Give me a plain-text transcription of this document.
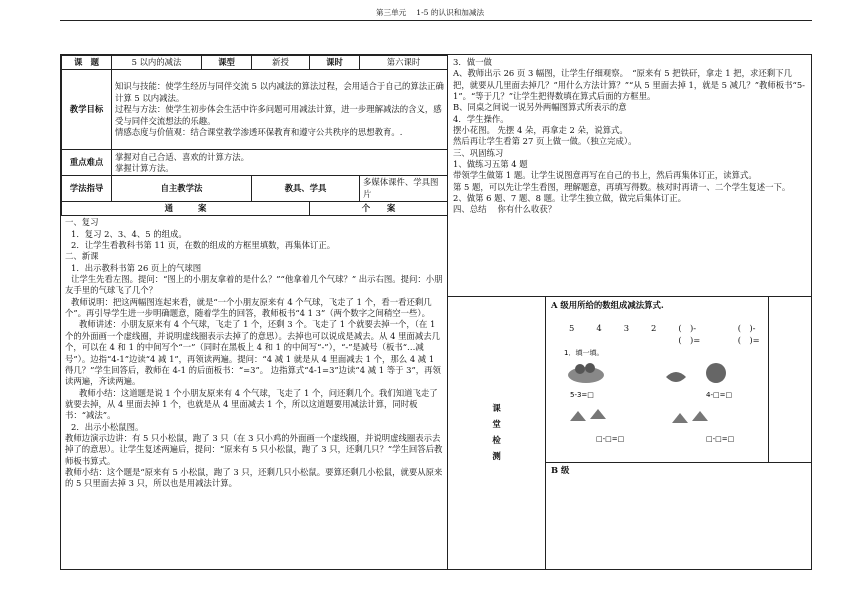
第三单元　 1-5 的认识和加减法
课　题	5 以内的减法	课型	新授	课时	第六课时
教学目标	知识与技能：使学生经历与同伴交流 5 以内减法的算法过程，会用适合于自己的算法正确计算 5 以内减法。

过程与方法：使学生初步体会生活中许多问题可用减法计算，进一步理解减法的含义，感受与同伴交流想法的乐趣。

情感态度与价值观：结合课堂教学渗透环保教育和遵守公共秩序的思想教育。.				

重点难点	掌握对自己合适、喜欢的计算方法。

掌握计算方法。				

学法指导	自主教学法		教具、学具		多媒体课件、学具图片
通　　　案				个　　案	

一、复习

1．复习 2、3、4、5 的组成。

2．让学生看教科书第 11 页，在数的组成的方框里填数，再集体订正。

二、新课

1．出示教科书第 26 页上的气球图

让学生先看左图。提问：“图上的小朋友拿着的是什么？”“他拿着几个气球？” 出示右图。提问：小朋友手里的气球飞了几个？

教师说明：把这两幅图连起来看，就是“一个小朋友原来有 4 个气球，飞走了 1 个，看一看还剩几个”。再引导学生进一步明确题意，随着学生的回答，教师板书“4 1 3”（两个数字之间稍空一些）。

教师讲述：小朋友原来有 4 个气球，飞走了 1 个，还剩 3 个。飞走了 1 个就要去掉一个，（在 1 个的外面画一个虚线圈，并说明虚线圈表示去掉了的意思）。去掉也可以说成是减去。从 4 里面减去几个，可以在 4 和 1 的中间写个“一”（同时在黑板上 4 和 1 的中间写“-”），“-”是减号（板书“…减号”）。边指“4-1”边读“4 减 1”，再领读两遍。提问：“4 减 1 就是从 4 里面减去 1 个，那么 4 减 1 得几？”学生回答后，教师在 4-1 的后面板书：“=3”。 边指算式“4-1=3”边读“4 减 1 等于 3”，再领读两遍，齐读两遍。

教师小结：这道题是说 1 个小朋友原来有 4 个气球，飞走了 1 个，问还剩几个。我们知道飞走了就要去掉，从 4 里面去掉 1 个，也就是从 4 里面减去 1 个，所以这道题要用减法计算，同时板书：“减法”。

2．出示小松鼠图。

教师边演示边讲：有 5 只小松鼠，跑了 3 只（在 3 只小鸡的外面画一个虚线圈，并说明虚线圈表示去掉了的意思）。让学生复述两遍后，提问：“原来有 5 只小松鼠，跑了 3 只，还剩几只？”学生回答后教师板书算式。

教师小结：这个题是“原来有 5 小松鼠，跑了 3 只，还剩几只小松鼠。要算还剩几小松鼠，就要从原来的 5 只里面去掉 3 只，所以也是用减法计算。

3．做一做

A、教师出示 26 页 3 幅图，让学生仔细观察。　“原来有 5 把铁矸，拿走 1 把，求还剩下几把，就要从几里面去掉几？”用什么方法计算？”“从 5 里面去掉 1，就是 5 减几？”教师板书“5-1”。“等于几？”让学生把得数填在算式后面的方框里。

B、同桌之间说一说另外两幅图算式所表示的意

4．学生操作。

摆小花图。 先摆 4 朵，再拿走 2 朵，说算式。

然后再让学生看第 27 页上做一做。（独立完成）。

三、巩固练习

1、做练习五第 4 题

带领学生做第 1 题。让学生说图意再写在自己的书上，然后再集体订正，读算式。

第 5 题，可以先让学生看图，理解题意，再填写得数。核对时再请一、二个学生复述一下。

2、做第 6 题、7 题、8 题。让学生独立做，做完后集体订正。

四、总结　 你有什么收获？

课
堂
检
测
A 级用所给的数组成减法算式.
5	4	3	2	(　)-(　)=
(　)-(　)=
1．填一填。
5-3=□	4-□=□
□-□=□	□-□=□
B 级
